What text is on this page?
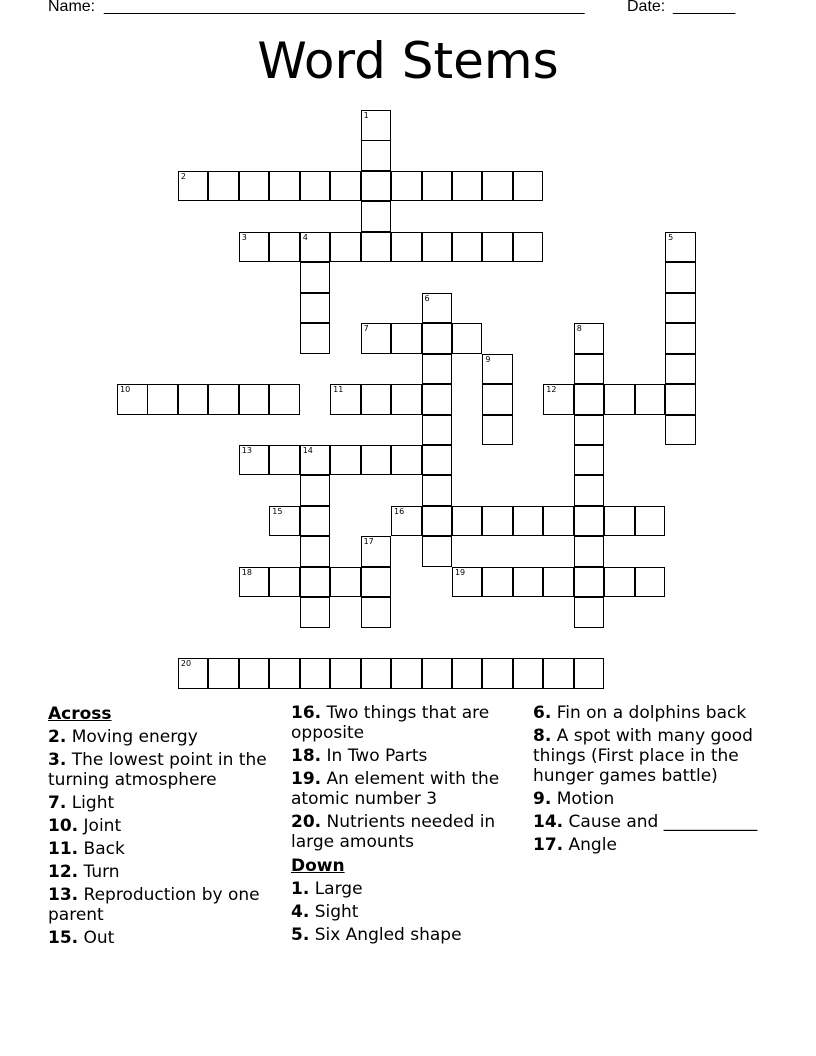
Name: ______________________________________________________	Date: _______
Word Stems
1
2
3	4	5
6
7	8
9
10	11	12
13	14
15	16
17
18	19
20
Across
2. Moving energy
3. The lowest point in the turning atmosphere
7. Light
10. Joint
11. Back
12. Turn
13. Reproduction by one parent
15. Out
16. Two things that are opposite
18. In Two Parts
19. An element with the atomic number 3
20. Nutrients needed in large amounts
Down
1. Large
4. Sight
5. Six Angled shape
6. Fin on a dolphins back
8. A spot with many good things (First place in the hunger games battle)
9. Motion
14. Cause and ___________
17. Angle
